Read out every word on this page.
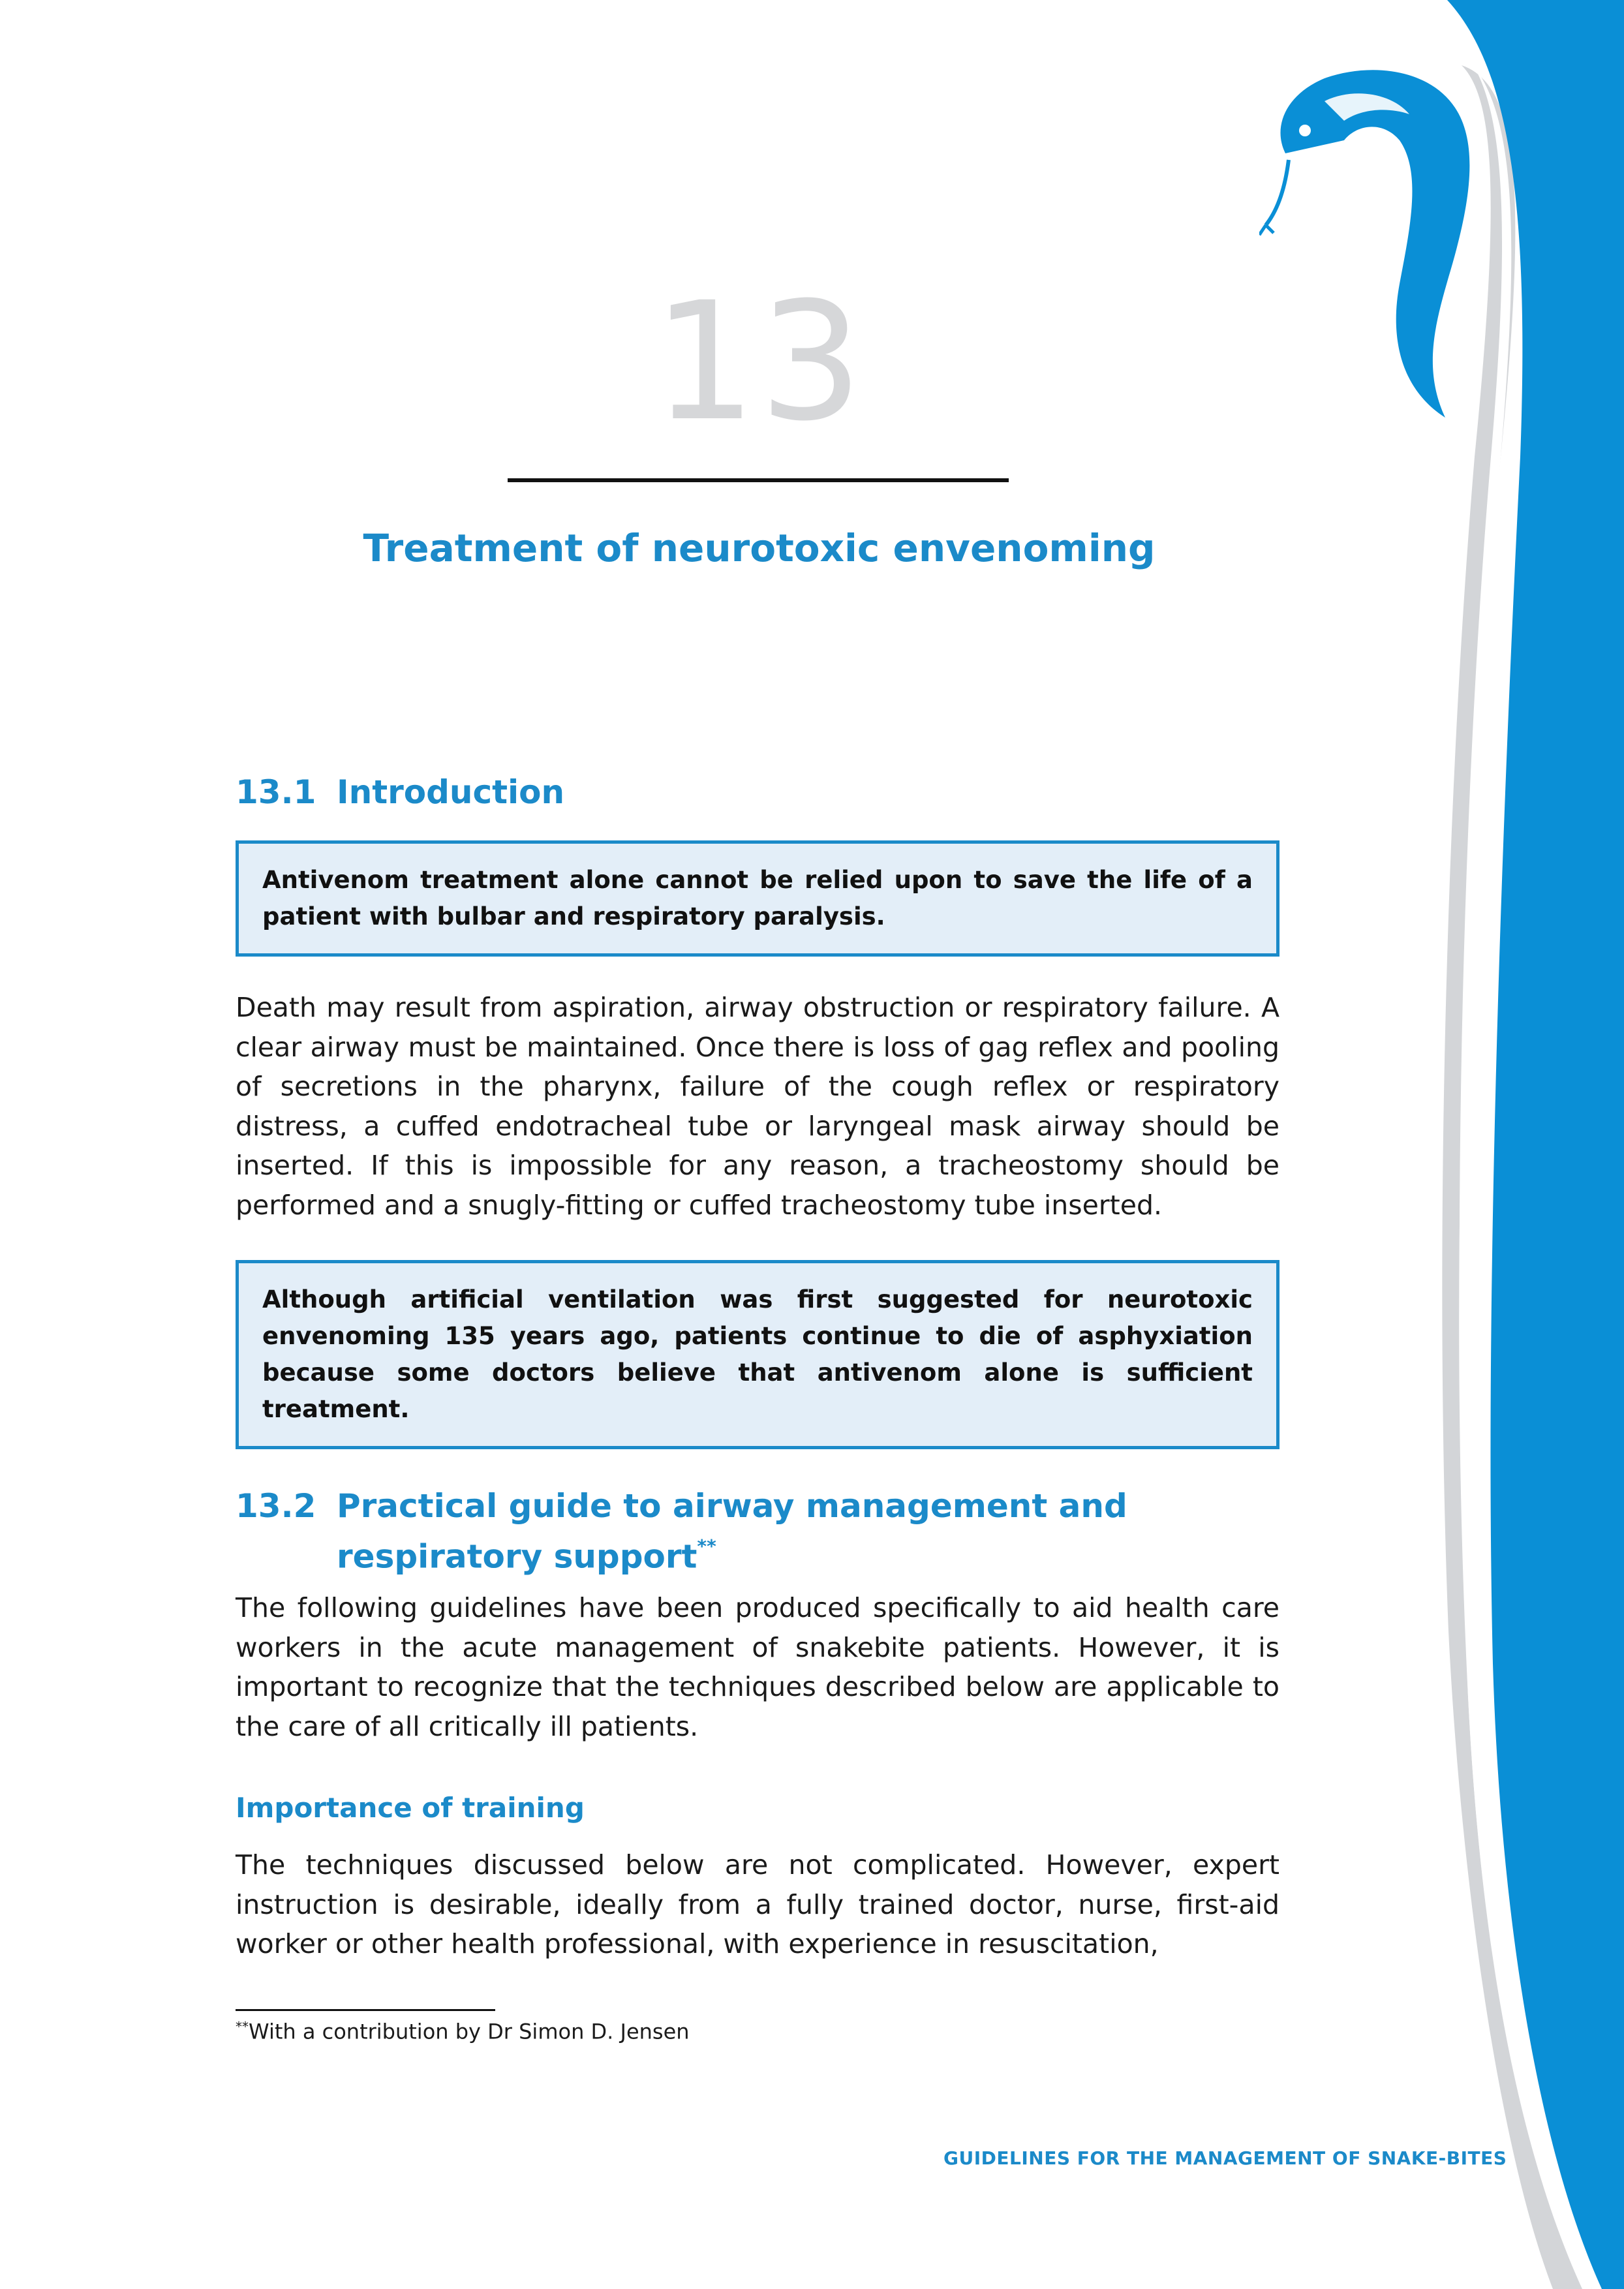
13
Treatment of neurotoxic envenoming
13.1 Introduction
Antivenom treatment alone cannot be relied upon to save the life of a patient with bulbar and respiratory paralysis.
Death may result from aspiration, airway obstruction or respiratory failure. A clear airway must be maintained. Once there is loss of gag reflex and pooling of secretions in the pharynx, failure of the cough reflex or respiratory distress, a cuffed endotracheal tube or laryngeal mask airway should be inserted. If this is impossible for any reason, a tracheostomy should be performed and a snugly-fitting or cuffed tracheostomy tube inserted.
Although artificial ventilation was first suggested for neurotoxic envenoming 135 years ago, patients continue to die of asphyxiation because some doctors believe that antivenom alone is sufficient treatment.
13.2 Practical guide to airway management and
respiratory support**
The following guidelines have been produced specifically to aid health care workers in the acute management of snakebite patients. However, it is important to recognize that the techniques described below are applicable to the care of all critically ill patients.
Importance of training
The techniques discussed below are not complicated. However, expert instruction is desirable, ideally from a fully trained doctor, nurse, first-aid worker or other health professional, with experience in resuscitation,
**With a contribution by Dr Simon D. Jensen
GUIDELINES FOR THE MANAGEMENT OF SNAKE-BITES
